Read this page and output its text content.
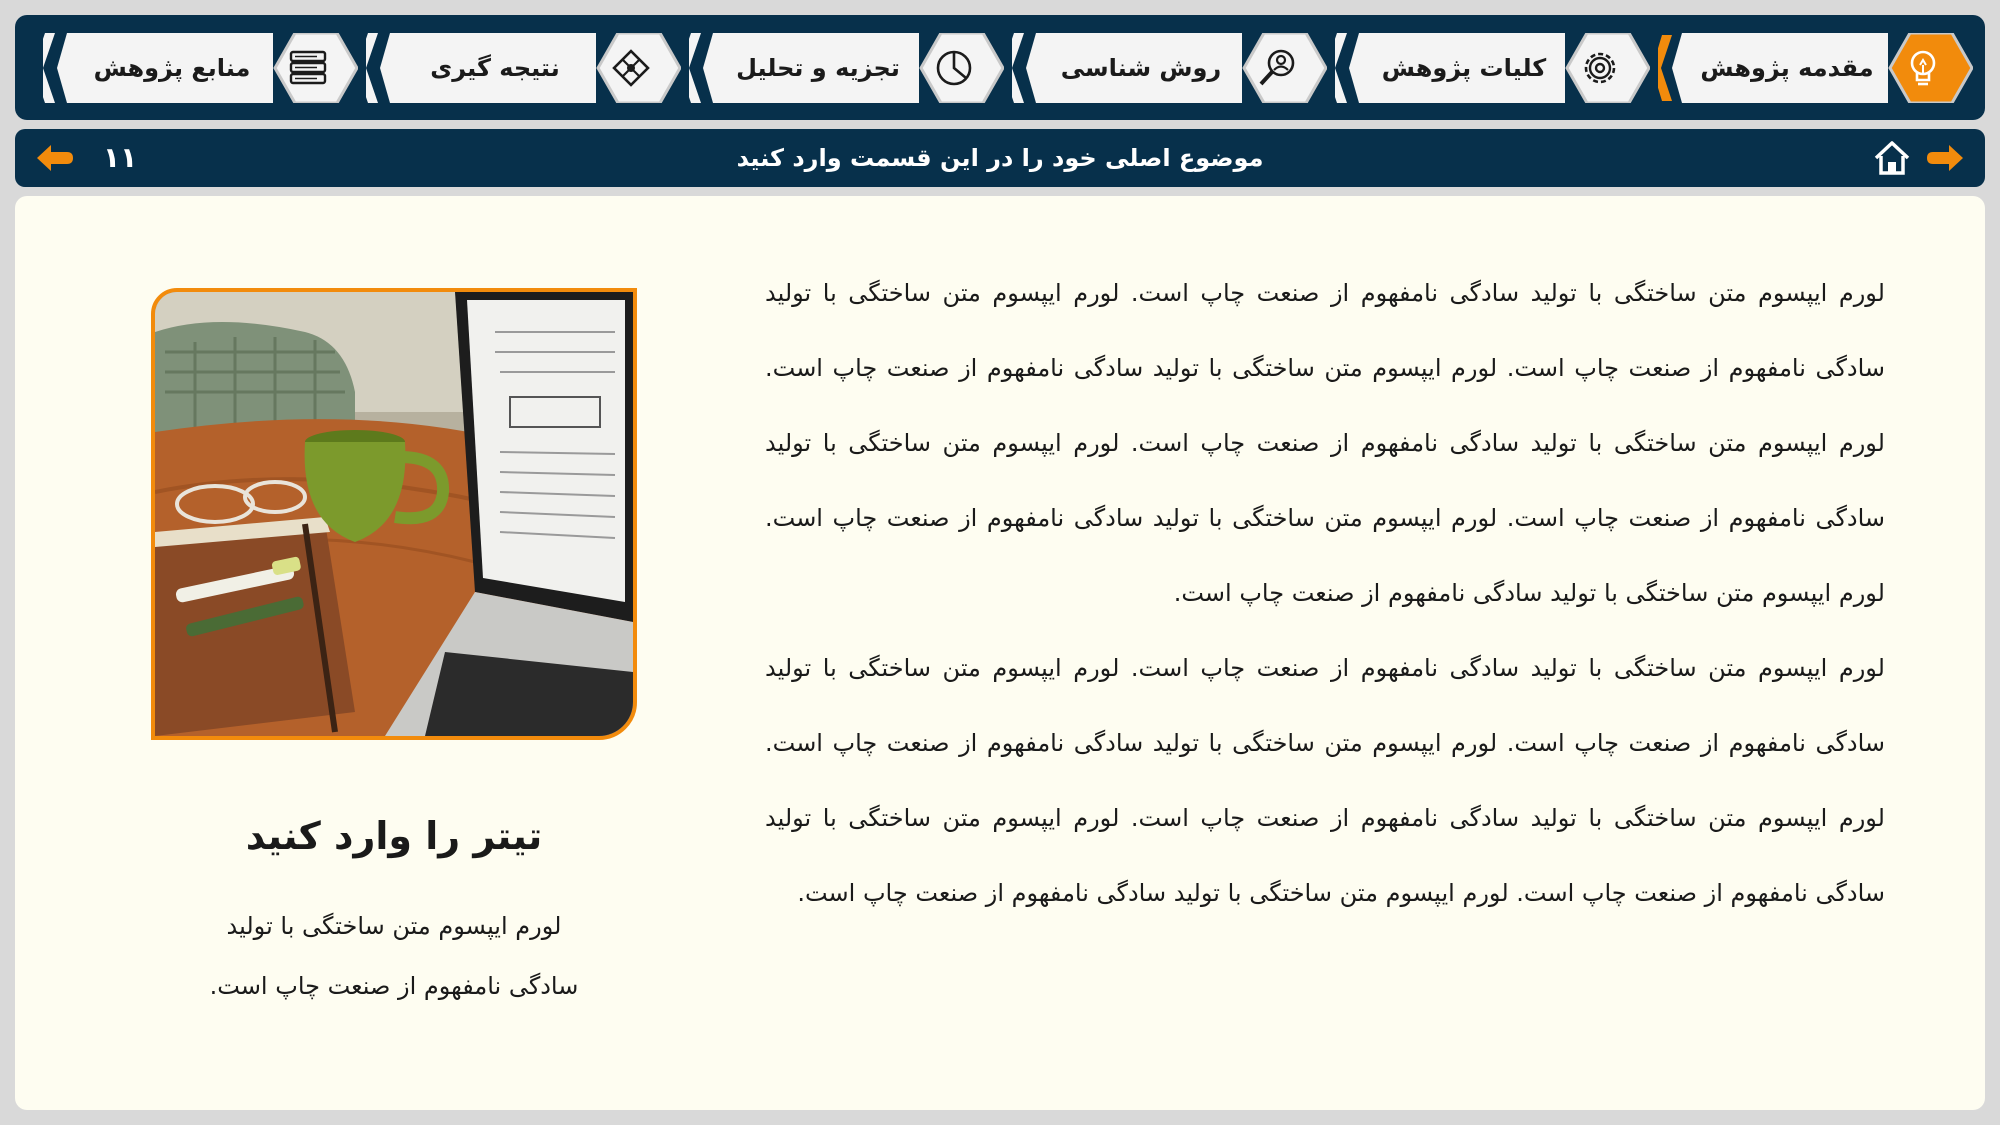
مقدمه پژوهش
کلیات پژوهش
روش شناسی
تجزیه و تحلیل
نتیجه گیری
منابع پژوهش
۱۱	موضوع اصلی خود را در این قسمت وارد کنید

لورم ایپسوم متن ساختگی با تولید سادگی نامفهوم از صنعت چاپ است. لورم ایپسوم متن ساختگی با تولید سادگی نامفهوم از صنعت چاپ است. لورم ایپسوم متن ساختگی با تولید سادگی نامفهوم از صنعت چاپ است. لورم ایپسوم متن ساختگی با تولید سادگی نامفهوم از صنعت چاپ است. لورم ایپسوم متن ساختگی با تولید سادگی نامفهوم از صنعت چاپ است. لورم ایپسوم متن ساختگی با تولید سادگی نامفهوم از صنعت چاپ است. لورم ایپسوم متن ساختگی با تولید سادگی نامفهوم از صنعت چاپ است.

لورم ایپسوم متن ساختگی با تولید سادگی نامفهوم از صنعت چاپ است. لورم ایپسوم متن ساختگی با تولید سادگی نامفهوم از صنعت چاپ است. لورم ایپسوم متن ساختگی با تولید سادگی نامفهوم از صنعت چاپ است. لورم ایپسوم متن ساختگی با تولید سادگی نامفهوم از صنعت چاپ است. لورم ایپسوم متن ساختگی با تولید سادگی نامفهوم از صنعت چاپ است. لورم ایپسوم متن ساختگی با تولید سادگی نامفهوم از صنعت چاپ است.

تیتر را وارد کنید
لورم ایپسوم متن ساختگی با تولید
سادگی نامفهوم از صنعت چاپ است.
